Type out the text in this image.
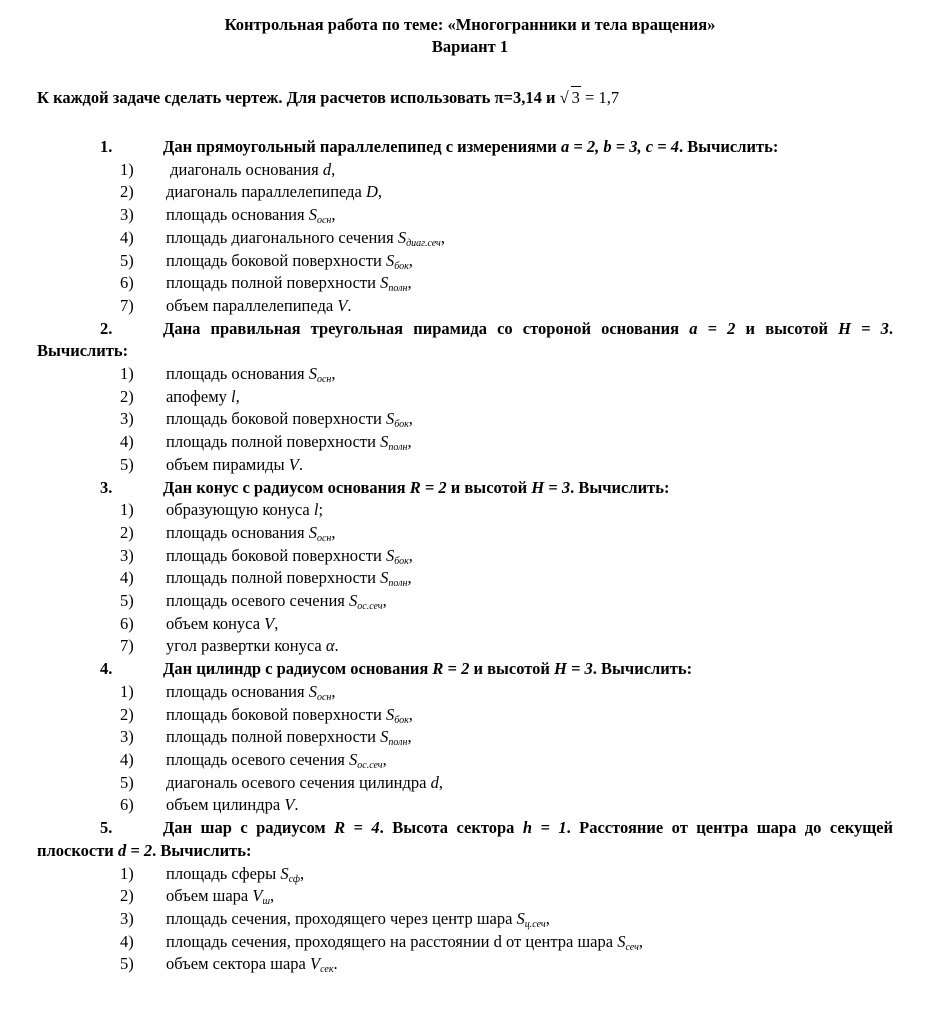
Контрольная работа по теме: «Многогранники и тела вращения»
Вариант 1
К каждой задаче сделать чертеж. Для расчетов использовать π=3,14 и √ 3 = 1,7
1.	Дан прямоугольный параллелепипед с измерениями a = 2, b = 3, c = 4. Вычислить:
1) диагональ основания d,
2) диагональ параллелепипеда D,
3) площадь основания $S_{осн}$,
4) площадь диагонального сечения $S_{диаг.сеч}$,
5) площадь боковой поверхности $S_{бок}$,
6) площадь полной поверхности $S_{полн}$,
7) объем параллелепипеда V.
2.	Дана правильная треугольная пирамида со стороной основания a = 2 и высотой H = 3. Вычислить:
1) площадь основания $S_{осн}$,
2) апофему l,
3) площадь боковой поверхности $S_{бок}$,
4) площадь полной поверхности $S_{полн}$,
5) объем пирамиды V.
3.	Дан конус с радиусом основания R = 2 и высотой H = 3. Вычислить:
1) образующую конуса l;
2) площадь основания $S_{осн}$,
3) площадь боковой поверхности $S_{бок}$,
4) площадь полной поверхности $S_{полн}$,
5) площадь осевого сечения $S_{ос.сеч}$,
6) объем конуса V,
7) угол развертки конуса α.
4.	Дан цилиндр с радиусом основания R = 2 и высотой H = 3. Вычислить:
1) площадь основания $S_{осн}$,
2) площадь боковой поверхности $S_{бок}$,
3) площадь полной поверхности $S_{полн}$,
4) площадь осевого сечения $S_{ос.сеч}$,
5) диагональ осевого сечения цилиндра d,
6) объем цилиндра V.
5.	Дан шар с радиусом R = 4. Высота сектора h = 1. Расстояние от центра шара до секущей плоскости d = 2. Вычислить:
1) площадь сферы $S_{сф}$,
2) объем шара $V_ш$,
3) площадь сечения, проходящего через центр шара $S_{ц.сеч}$,
4) площадь сечения, проходящего на расстоянии d от центра шара $S_{сеч}$,
5) объем сектора шара $V_{сек}$.
